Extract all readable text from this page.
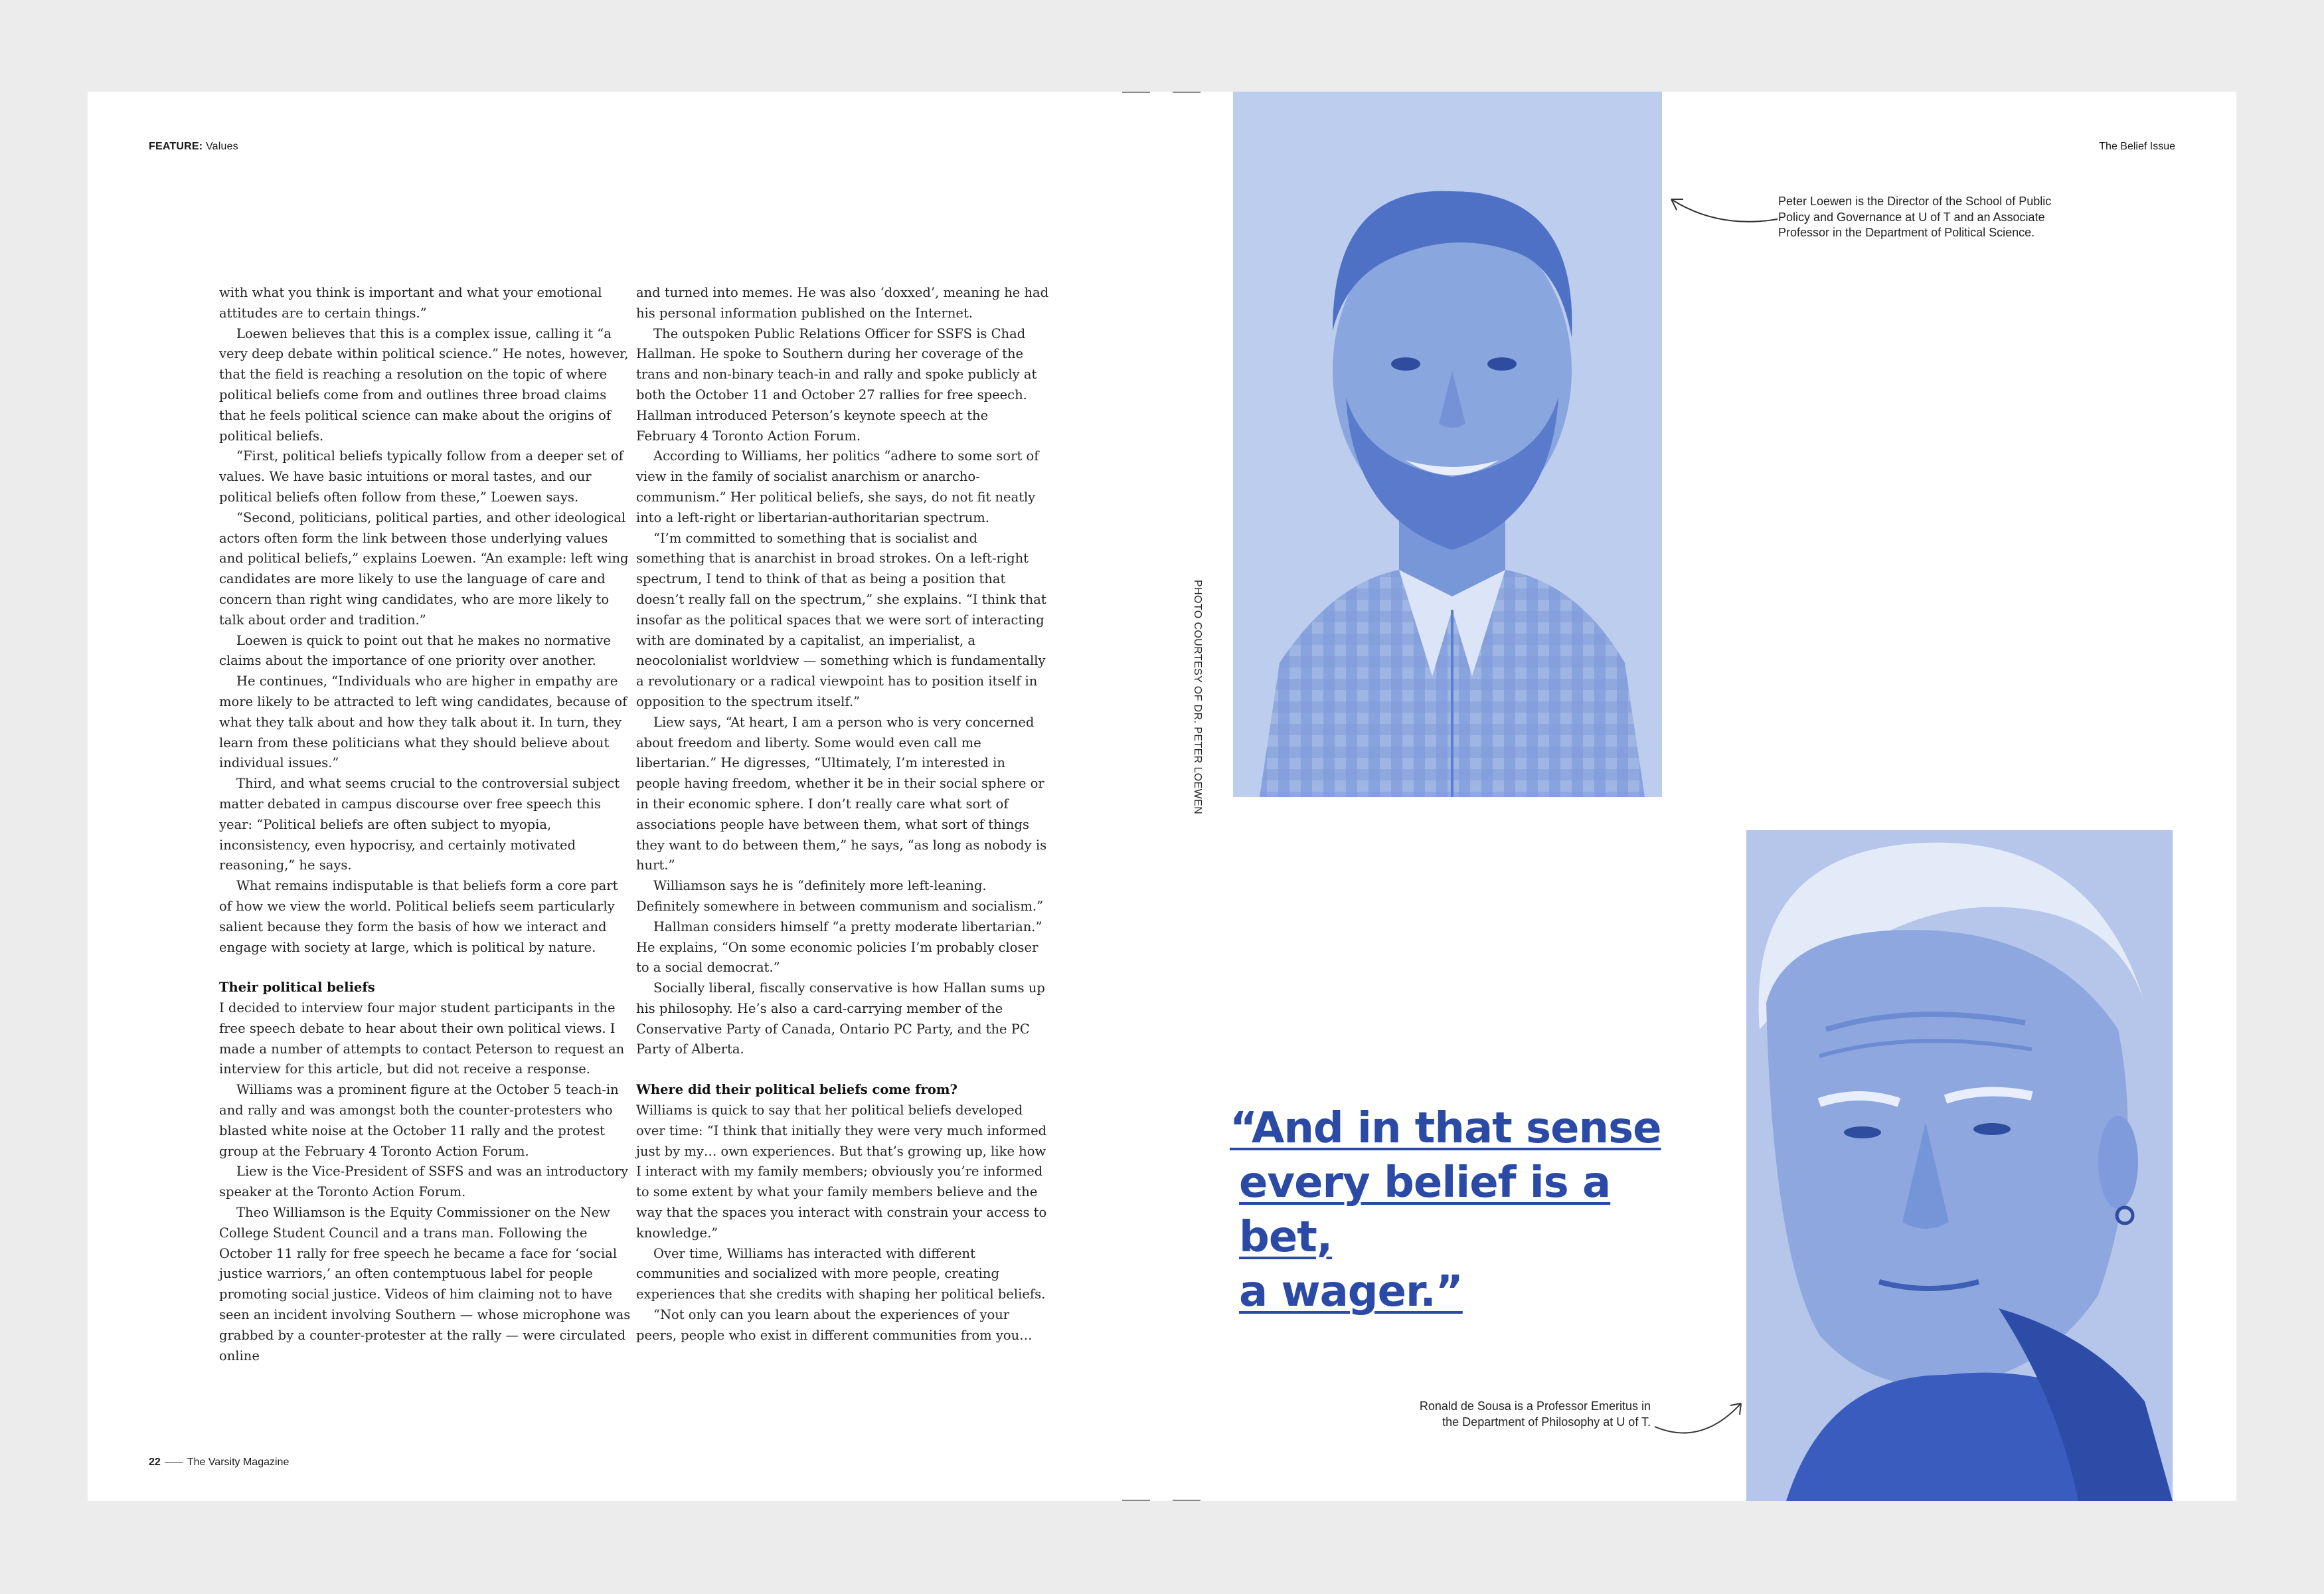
FEATURE: Values	The Belief Issue
22	The Varsity Magazine

with what you think is important and what your emotional attitudes are to certain things.”

Loewen believes that this is a complex issue, calling it “a very deep debate within political science.” He notes, however, that the field is reaching a resolution on the topic of where political beliefs come from and outlines three broad claims that he feels political science can make about the origins of political beliefs.

“First, political beliefs typically follow from a deeper set of values. We have basic intuitions or moral tastes, and our political beliefs often follow from these,” Loewen says.

“Second, politicians, political parties, and other ideological actors often form the link between those underlying values and political beliefs,” explains Loewen. “An example: left wing candidates are more likely to use the language of care and concern than right wing candidates, who are more likely to talk about order and tradition.”

Loewen is quick to point out that he makes no normative claims about the importance of one priority over another.

He continues, “Individuals who are higher in empathy are more likely to be attracted to left wing candidates, because of what they talk about and how they talk about it. In turn, they learn from these politicians what they should believe about individual issues.”

Third, and what seems crucial to the controversial subject matter debated in campus discourse over free speech this year: “Political beliefs are often subject to myopia, inconsistency, even hypocrisy, and certainly motivated reasoning,” he says.

What remains indisputable is that beliefs form a core part of how we view the world. Political beliefs seem particularly salient because they form the basis of how we interact and engage with society at large, which is political by nature.

Their political beliefs

I decided to interview four major student participants in the free speech debate to hear about their own political views. I made a number of attempts to contact Peterson to request an interview for this article, but did not receive a response.

Williams was a prominent figure at the October 5 teach-in and rally and was amongst both the counter-protesters who blasted white noise at the October 11 rally and the protest group at the February 4 Toronto Action Forum.

Liew is the Vice-President of SSFS and was an introductory speaker at the Toronto Action Forum.

Theo Williamson is the Equity Commissioner on the New College Student Council and a trans man. Following the October 11 rally for free speech he became a face for ‘social justice warriors,’ an often contemptuous label for people promoting social justice. Videos of him claiming not to have seen an incident involving Southern — whose microphone was grabbed by a counter-protester at the rally — were circulated online

and turned into memes. He was also ‘doxxed’, meaning he had his personal information published on the Internet.

The outspoken Public Relations Officer for SSFS is Chad Hallman. He spoke to Southern during her coverage of the trans and non-binary teach-in and rally and spoke publicly at both the October 11 and October 27 rallies for free speech. Hallman introduced Peterson’s keynote speech at the February 4 Toronto Action Forum.

According to Williams, her politics “adhere to some sort of view in the family of socialist anarchism or anarcho-communism.” Her political beliefs, she says, do not fit neatly into a left-right or libertarian-authoritarian spectrum.

“I’m committed to something that is socialist and something that is anarchist in broad strokes. On a left-right spectrum, I tend to think of that as being a position that doesn’t really fall on the spectrum,” she explains. “I think that insofar as the political spaces that we were sort of interacting with are dominated by a capitalist, an imperialist, a neocolonialist worldview — something which is fundamentally a revolutionary or a radical viewpoint has to position itself in opposition to the spectrum itself.”

Liew says, “At heart, I am a person who is very concerned about freedom and liberty. Some would even call me libertarian.” He digresses, “Ultimately, I’m interested in people having freedom, whether it be in their social sphere or in their economic sphere. I don’t really care what sort of associations people have between them, what sort of things they want to do between them,” he says, “as long as nobody is hurt.”

Williamson says he is “definitely more left-leaning. Definitely somewhere in between communism and socialism.”

Hallman considers himself “a pretty moderate libertarian.” He explains, “On some economic policies I’m probably closer to a social democrat.”

Socially liberal, fiscally conservative is how Hallan sums up his philosophy. He’s also a card-carrying member of the Conservative Party of Canada, Ontario PC Party, and the PC Party of Alberta.

Where did their political beliefs come from?

Williams is quick to say that her political beliefs developed over time: “I think that initially they were very much informed just by my… own experiences. But that’s growing up, like how I interact with my family members; obviously you’re informed to some extent by what your family members believe and the way that the spaces you interact with constrain your access to knowledge.”

Over time, Williams has interacted with different communities and socialized with more people, creating experiences that she credits with shaping her political beliefs.

“Not only can you learn about the experiences of your peers, people who exist in different communities from you…

PHOTO COURTESY OF DR. PETER LOEWEN
Peter Loewen is the Director of the School of Public Policy and Governance at U of T and an Associate Professor in the Department of Political Science.
“And in that sense
every belief is a bet,
a wager.”
Ronald de Sousa is a Professor Emeritus in the Department of Philosophy at U of T.
